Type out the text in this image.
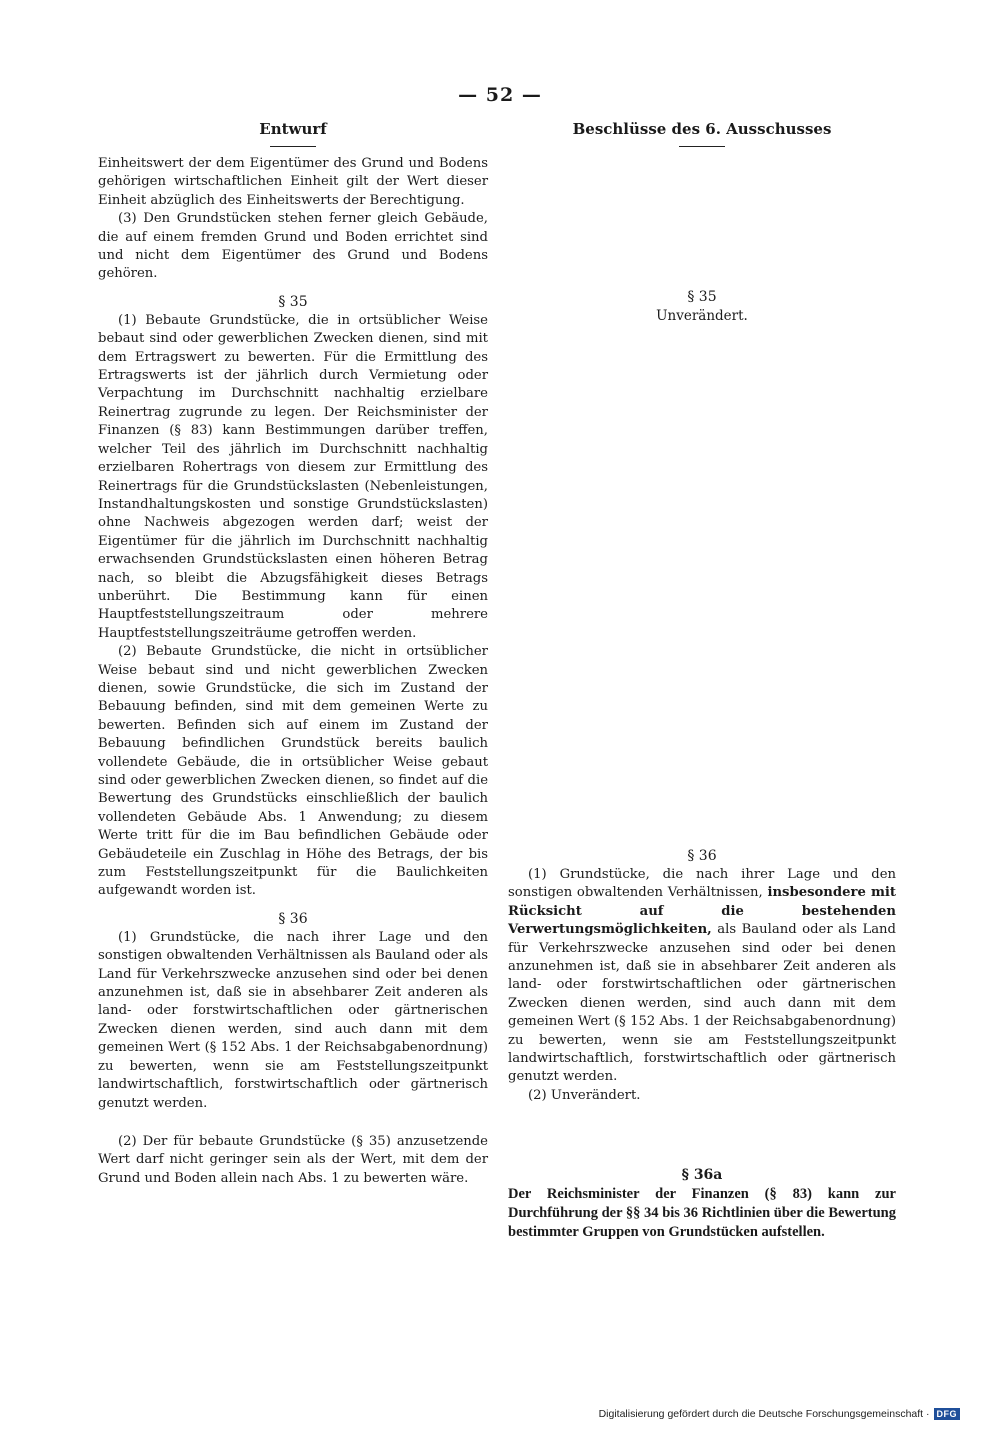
— 52 —
Entwurf

Einheitswert der dem Eigentümer des Grund und Bodens gehörigen wirtschaftlichen Einheit gilt der Wert dieser Einheit abzüglich des Einheitswerts der Berechtigung.

(3) Den Grundstücken stehen ferner gleich Gebäude, die auf einem fremden Grund und Boden errichtet sind und nicht dem Eigentümer des Grund und Bodens gehören.

§ 35

(1) Bebaute Grundstücke, die in ortsüblicher Weise bebaut sind oder gewerblichen Zwecken dienen, sind mit dem Ertragswert zu bewerten. Für die Ermittlung des Ertragswerts ist der jährlich durch Vermietung oder Verpachtung im Durchschnitt nachhaltig erzielbare Reinertrag zugrunde zu legen. Der Reichsminister der Finanzen (§ 83) kann Bestimmungen darüber treffen, welcher Teil des jährlich im Durchschnitt nachhaltig erzielbaren Rohertrags von diesem zur Ermittlung des Reinertrags für die Grundstückslasten (Nebenleistungen, Instandhaltungskosten und sonstige Grundstückslasten) ohne Nachweis abgezogen werden darf; weist der Eigentümer für die jährlich im Durchschnitt nachhaltig erwachsenden Grundstückslasten einen höheren Betrag nach, so bleibt die Abzugsfähigkeit dieses Betrags unberührt. Die Bestimmung kann für einen Hauptfeststellungszeitraum oder mehrere Hauptfeststellungszeiträume getroffen werden.

(2) Bebaute Grundstücke, die nicht in ortsüblicher Weise bebaut sind und nicht gewerblichen Zwecken dienen, sowie Grundstücke, die sich im Zustand der Bebauung befinden, sind mit dem gemeinen Werte zu bewerten. Befinden sich auf einem im Zustand der Bebauung befindlichen Grundstück bereits baulich vollendete Gebäude, die in ortsüblicher Weise gebaut sind oder gewerblichen Zwecken dienen, so findet auf die Bewertung des Grundstücks einschließlich der baulich vollendeten Gebäude Abs. 1 Anwendung; zu diesem Werte tritt für die im Bau befindlichen Gebäude oder Gebäudeteile ein Zuschlag in Höhe des Betrags, der bis zum Feststellungszeitpunkt für die Baulichkeiten aufgewandt worden ist.

§ 36

(1) Grundstücke, die nach ihrer Lage und den sonstigen obwaltenden Verhältnissen als Bauland oder als Land für Verkehrszwecke anzusehen sind oder bei denen anzunehmen ist, daß sie in absehbarer Zeit anderen als land- oder forstwirtschaftlichen oder gärtnerischen Zwecken dienen werden, sind auch dann mit dem gemeinen Wert (§ 152 Abs. 1 der Reichsabgabenordnung) zu bewerten, wenn sie am Feststellungszeitpunkt landwirtschaftlich, forstwirtschaftlich oder gärtnerisch genutzt werden.

(2) Der für bebaute Grundstücke (§ 35) anzusetzende Wert darf nicht geringer sein als der Wert, mit dem der Grund und Boden allein nach Abs. 1 zu bewerten wäre.

Beschlüsse des 6. Ausschusses

§ 35

Unverändert.

§ 36

(1) Grundstücke, die nach ihrer Lage und den sonstigen obwaltenden Verhältnissen, insbesondere mit Rücksicht auf die bestehenden Verwertungsmöglichkeiten, als Bauland oder als Land für Verkehrszwecke anzusehen sind oder bei denen anzunehmen ist, daß sie in absehbarer Zeit anderen als land- oder forstwirtschaftlichen oder gärtnerischen Zwecken dienen werden, sind auch dann mit dem gemeinen Wert (§ 152 Abs. 1 der Reichsabgabenordnung) zu bewerten, wenn sie am Feststellungszeitpunkt landwirtschaftlich, forstwirtschaftlich oder gärtnerisch genutzt werden.

(2) Unverändert.

§ 36a

Der Reichsminister der Finanzen (§ 83) kann zur Durchführung der §§ 34 bis 36 Richtlinien über die Bewertung bestimmter Gruppen von Grundstücken aufstellen.

Digitalisierung gefördert durch die Deutsche Forschungsgemeinschaft · DFG
